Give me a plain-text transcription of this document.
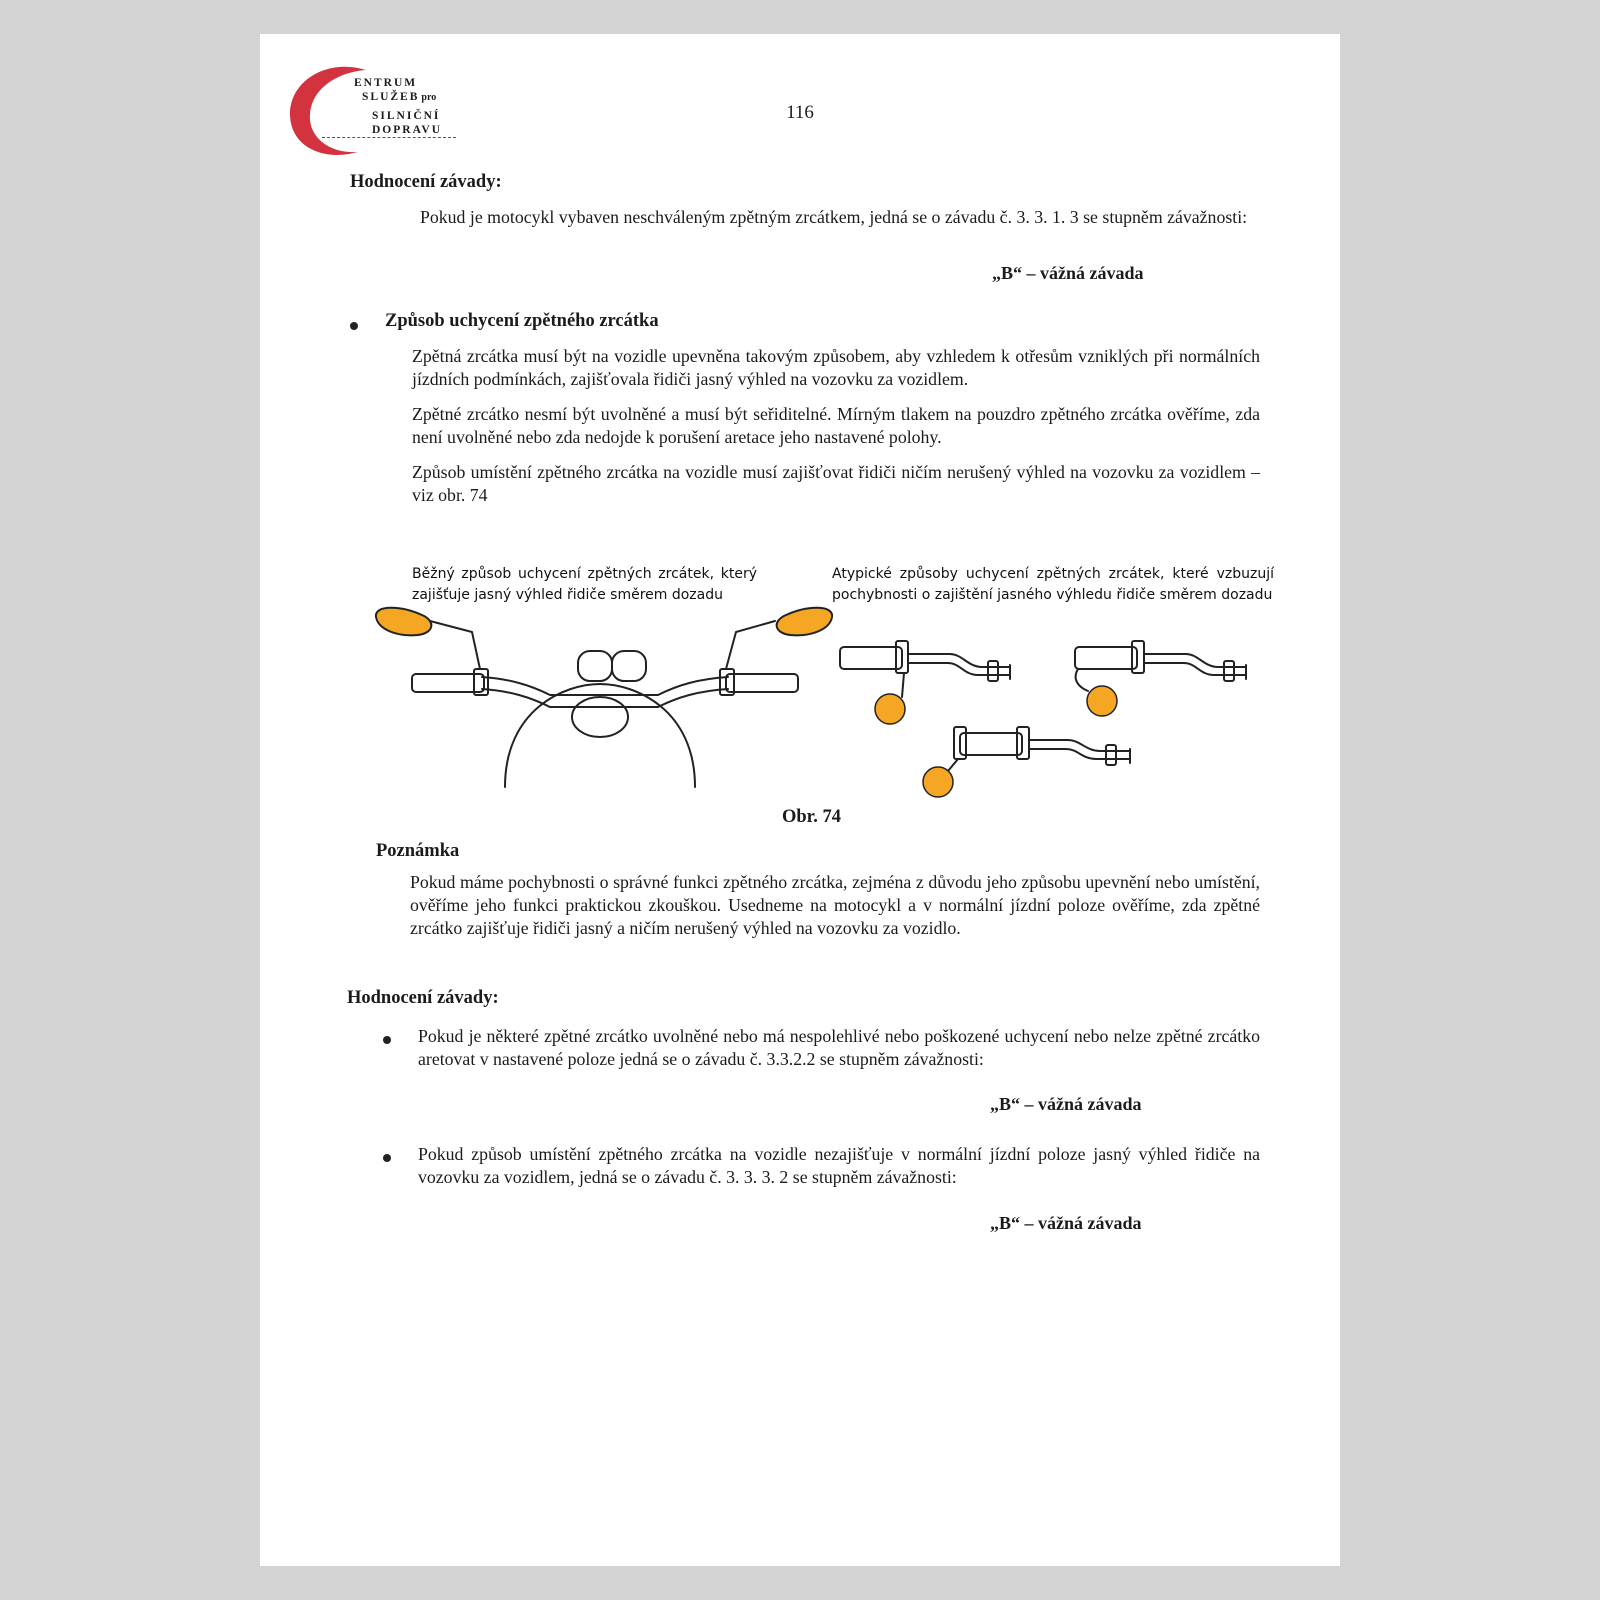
ENTRUM
SLUŽEB pro
SILNIČNÍ
DOPRAVU
116
Hodnocení závady:
Pokud je motocykl vybaven neschváleným zpětným zrcátkem, jedná se o závadu č. 3. 3. 1. 3 se stupněm závažnosti:
„B“ – vážná závada
Způsob uchycení zpětného zrcátka
Zpětná zrcátka musí být na vozidle upevněna takovým způsobem, aby vzhledem k otřesům vzniklých při normálních jízdních podmínkách, zajišťovala řidiči jasný výhled na vozovku za vozidlem.
Zpětné zrcátko nesmí být uvolněné a musí být seřiditelné. Mírným tlakem na pouzdro zpětného zrcátka ověříme, zda není uvolněné nebo zda nedojde k porušení aretace jeho nastavené polohy.
Způsob umístění zpětného zrcátka na vozidle musí zajišťovat řidiči ničím nerušený výhled na vozovku za vozidlem – viz obr. 74
Běžný způsob uchycení zpětných zrcátek, který zajišťuje jasný výhled řidiče směrem dozadu
Atypické způsoby uchycení zpětných zrcátek, které vzbuzují pochybnosti o zajištění jasného výhledu řidiče směrem dozadu
Obr. 74
Poznámka
Pokud máme pochybnosti o správné funkci zpětného zrcátka, zejména z důvodu jeho způsobu upevnění nebo umístění, ověříme jeho funkci praktickou zkouškou. Usedneme na motocykl a v normální jízdní poloze ověříme, zda zpětné zrcátko zajišťuje řidiči jasný a ničím nerušený výhled na vozovku za vozidlo.
Hodnocení závady:
Pokud je některé zpětné zrcátko uvolněné nebo má nespolehlivé nebo poškozené uchycení nebo nelze zpětné zrcátko aretovat v nastavené poloze jedná se o závadu č. 3.3.2.2 se stupněm závažnosti:
„B“ – vážná závada
Pokud způsob umístění zpětného zrcátka na vozidle nezajišťuje v normální jízdní poloze jasný výhled řidiče na vozovku za vozidlem, jedná se o závadu č. 3. 3. 3. 2 se stupněm závažnosti:
„B“ – vážná závada
